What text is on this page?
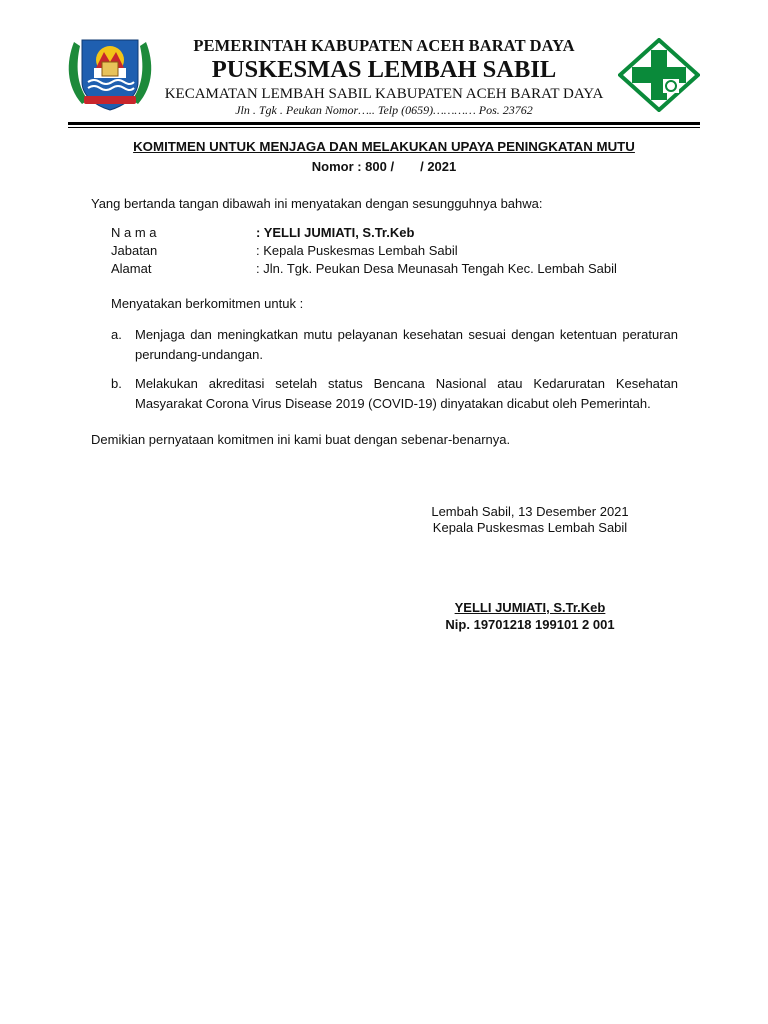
PEMERINTAH KABUPATEN ACEH BARAT DAYA
PUSKESMAS LEMBAH SABIL
KECAMATAN LEMBAH SABIL KABUPATEN ACEH BARAT DAYA
Jln . Tgk . Peukan Nomor….. Telp (0659)………… Pos. 23762
KOMITMEN UNTUK MENJAGA DAN MELAKUKAN UPAYA PENINGKATAN MUTU
Nomor : 800 / / 2021
Yang bertanda tangan dibawah ini menyatakan dengan sesungguhnya bahwa:
N a m a	: YELLI JUMIATI, S.Tr.Keb
Jabatan	: Kepala Puskesmas Lembah Sabil
Alamat	: Jln. Tgk. Peukan Desa Meunasah Tengah Kec. Lembah Sabil
Menyatakan berkomitmen untuk :
a. Menjaga dan meningkatkan mutu pelayanan kesehatan sesuai dengan ketentuan peraturan perundang-undangan.
b. Melakukan akreditasi setelah status Bencana Nasional atau Kedaruratan Kesehatan Masyarakat Corona Virus Disease 2019 (COVID-19) dinyatakan dicabut oleh Pemerintah.
Demikian pernyataan komitmen ini kami buat dengan sebenar-benarnya.
Lembah Sabil, 13 Desember 2021
Kepala Puskesmas Lembah Sabil
YELLI JUMIATI, S.Tr.Keb
Nip. 19701218 199101 2 001
